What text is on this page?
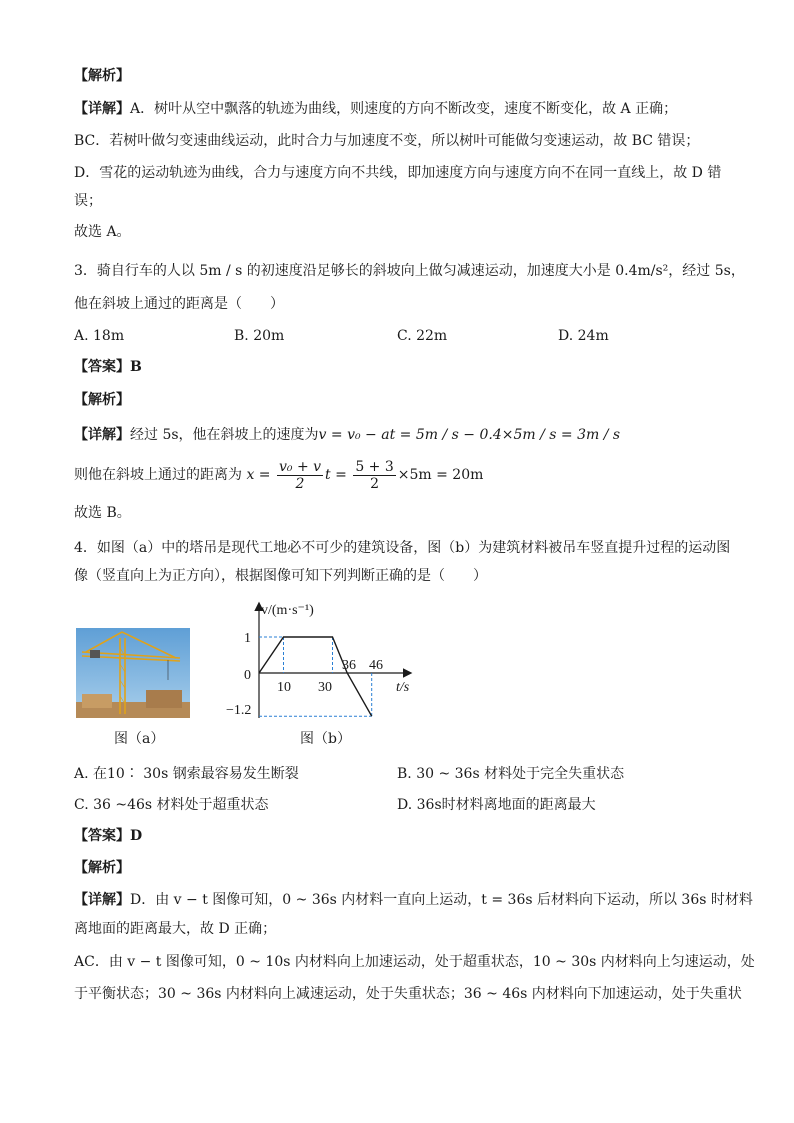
【解析】
【详解】A．树叶从空中飘落的轨迹为曲线，则速度的方向不断改变，速度不断变化，故 A 正确；
BC．若树叶做匀变速曲线运动，此时合力与加速度不变，所以树叶可能做匀变速运动，故 BC 错误；
D．雪花的运动轨迹为曲线，合力与速度方向不共线，即加速度方向与速度方向不在同一直线上，故 D 错
误；
故选 A。
3．骑自行车的人以 5m / s 的初速度沿足够长的斜坡向上做匀减速运动，加速度大小是 0.4m/s²，经过 5s，
他在斜坡上通过的距离是（　　）
A. 18m	B. 20m	C. 22m	D. 24m
【答案】B
【解析】
【详解】经过 5s，他在斜坡上的速度为v = v₀ − at = 5m / s − 0.4×5m / s = 3m / s
则他在斜坡上通过的距离为 $x = \frac{\text{v₀ + v}}{2}$ $t = \frac{5 + 3}{2} \times 5m = 20m$
故选 B。
4．如图（a）中的塔吊是现代工地必不可少的建筑设备，图（b）为建筑材料被吊车竖直提升过程的运动图
像（竖直向上为正方向），根据图像可知下列判断正确的是（　　）
图（a）
v/(m·s⁻¹)
t/s
1
0
−1.2
10 30
36 46
图（b）
A. 在10∶ 30s 钢索最容易发生断裂	B. 30 ~ 36s 材料处于完全失重状态
C. 36 ~46s 材料处于超重状态	D. 36s时材料离地面的距离最大
【答案】D
【解析】
【详解】D．由 v − t 图像可知，0 ~ 36s 内材料一直向上运动，t = 36s 后材料向下运动，所以 36s 时材料
离地面的距离最大，故 D 正确；
AC．由 v − t 图像可知，0 ~ 10s 内材料向上加速运动，处于超重状态，10 ~ 30s 内材料向上匀速运动，处
于平衡状态；30 ~ 36s 内材料向上减速运动，处于失重状态；36 ~ 46s 内材料向下加速运动，处于失重状
